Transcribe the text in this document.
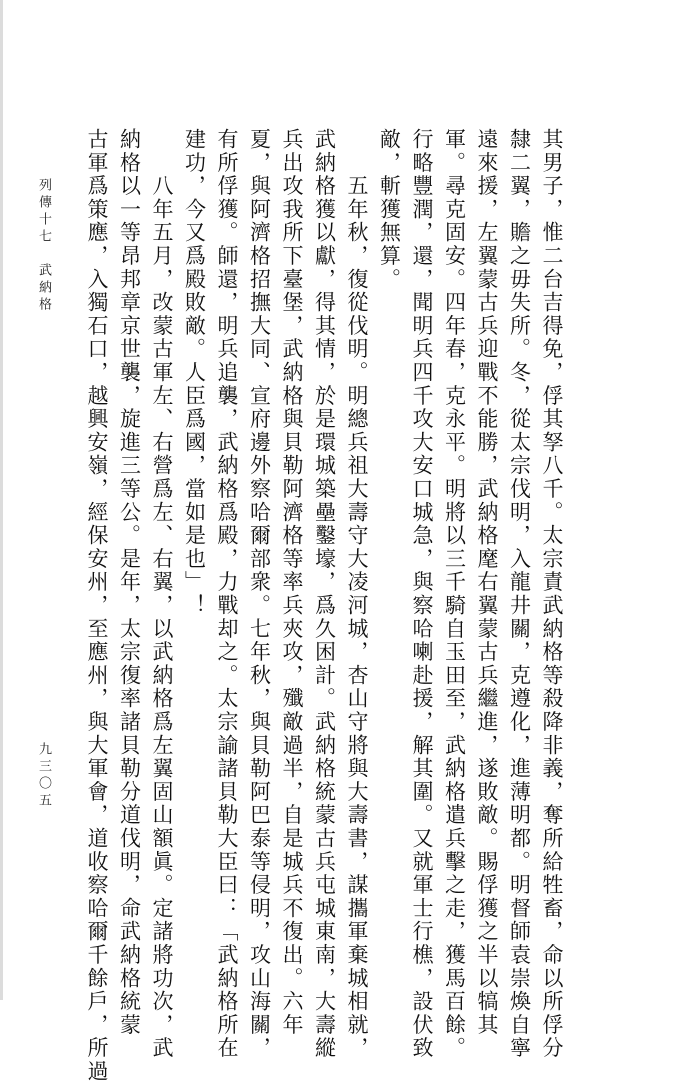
列傳十七　武納格
九三〇五	其男子，惟二台吉得免，俘其孥八千。太宗責武納格等殺降非義，奪所給牲畜，命以所俘分
隸二翼，贍之毋失所。冬，從太宗伐明，入龍井關，克遵化，進薄明都。明督師袁崇煥自寧
遠來援，左翼蒙古兵迎戰不能勝，武納格麾右翼蒙古兵繼進，遂敗敵。賜俘獲之半以犒其
軍。尋克固安。四年春，克永平。明將以三千騎自玉田至，武納格遣兵擊之走，獲馬百餘。
行略豐潤，還，聞明兵四千攻大安口城急，與察哈喇赴援，解其圍。又就軍士行樵，設伏致
敵，斬獲無算。
　　五年秋，復從伐明。明總兵祖大壽守大凌河城，杏山守將與大壽書，謀攜軍棄城相就，
武納格獲以獻，得其情，於是環城築壘鑿壕，爲久困計。武納格統蒙古兵屯城東南，大壽縱
兵出攻我所下臺堡，武納格與貝勒阿濟格等率兵夾攻，殲敵過半，自是城兵不復出。六年
夏，與阿濟格招撫大同、宣府邊外察哈爾部衆。七年秋，與貝勒阿巴泰等侵明，攻山海關，
有所俘獲。師還，明兵追襲，武納格爲殿，力戰却之。太宗諭諸貝勒大臣曰：「武納格所在
建功，今又爲殿敗敵。人臣爲國，當如是也」！
　　八年五月，改蒙古軍左、右營爲左、右翼，以武納格爲左翼固山額眞。定諸將功次，武
納格以一等昂邦章京世襲，旋進三等公。是年，太宗復率諸貝勒分道伐明，命武納格統蒙
古軍爲策應，入獨石口，越興安嶺，經保安州，至應州，與大軍會，道收察哈爾千餘戶，所過
